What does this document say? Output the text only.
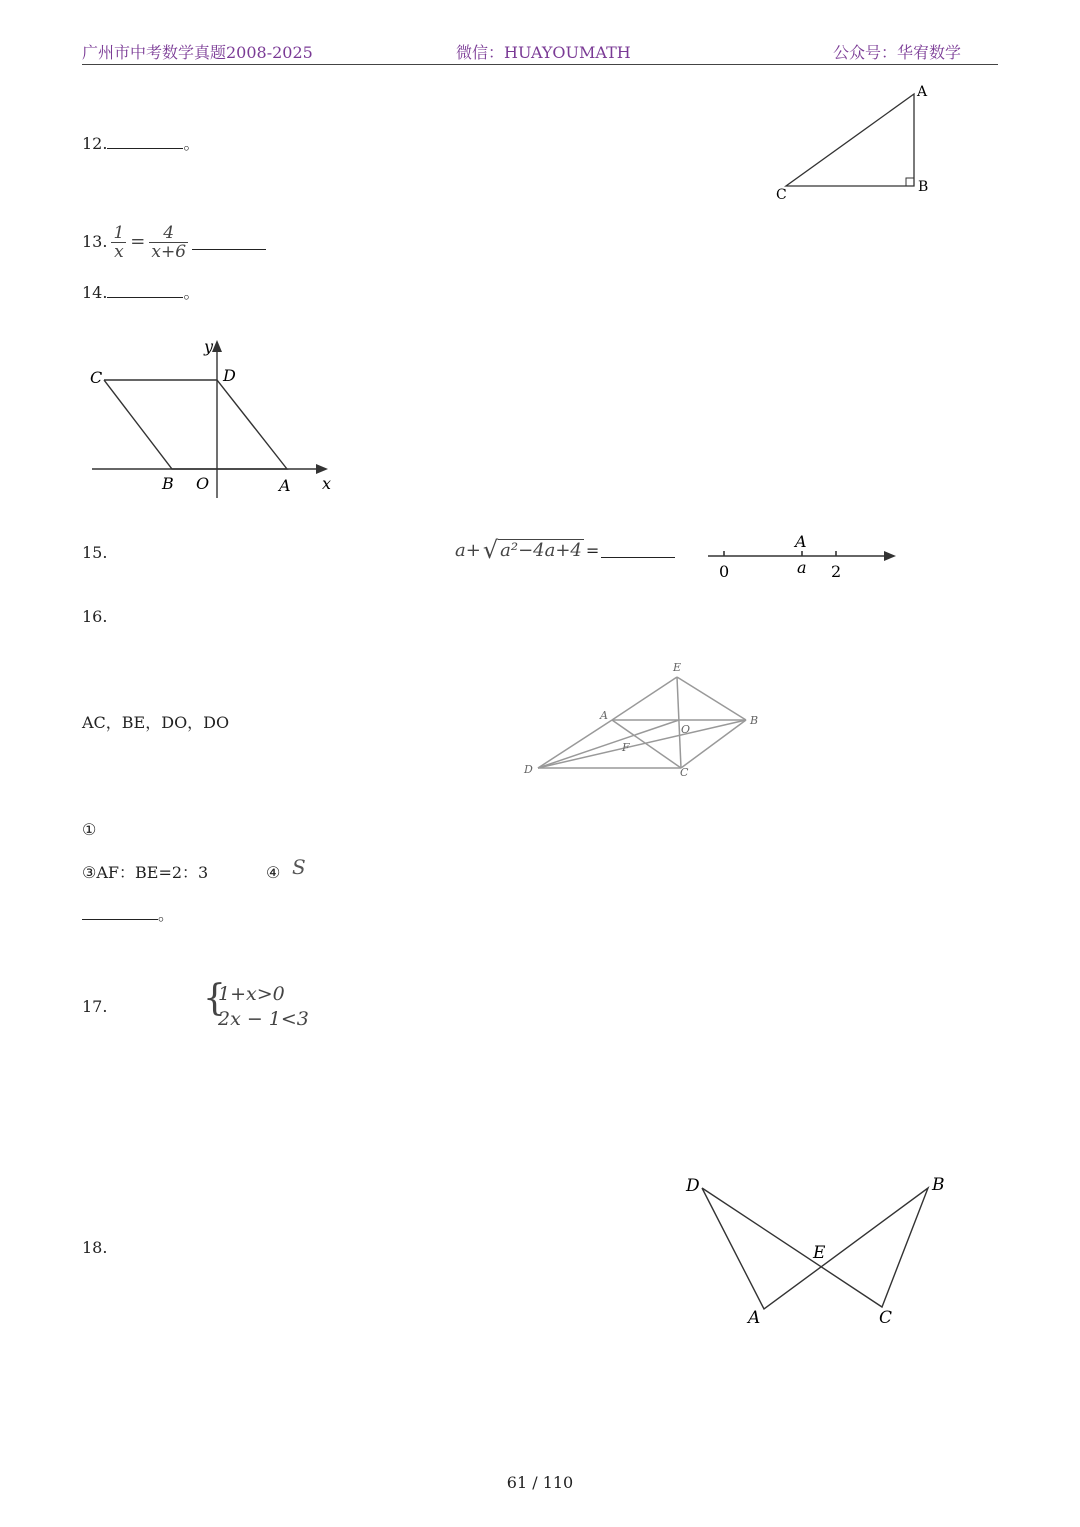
广州市中考数学真题2008-2025	微信：HUAYOUMATH	公众号：华宥数学
12.	。
A
B
C
13. $\frac{1}{x} = \frac{4}{x+6}$
14.	。
C	D
B O	A x
y
15.	a+ √ a²−4a+4 =
0	a 2
A
16.
AC，BE，DO，DO
E
A
O
B
F
D	C
①
③AF：BE=2：3	④ S
。
17.	{
1+x>0
2x − 1<3
18.
D	B
E
A	C
61 / 110
